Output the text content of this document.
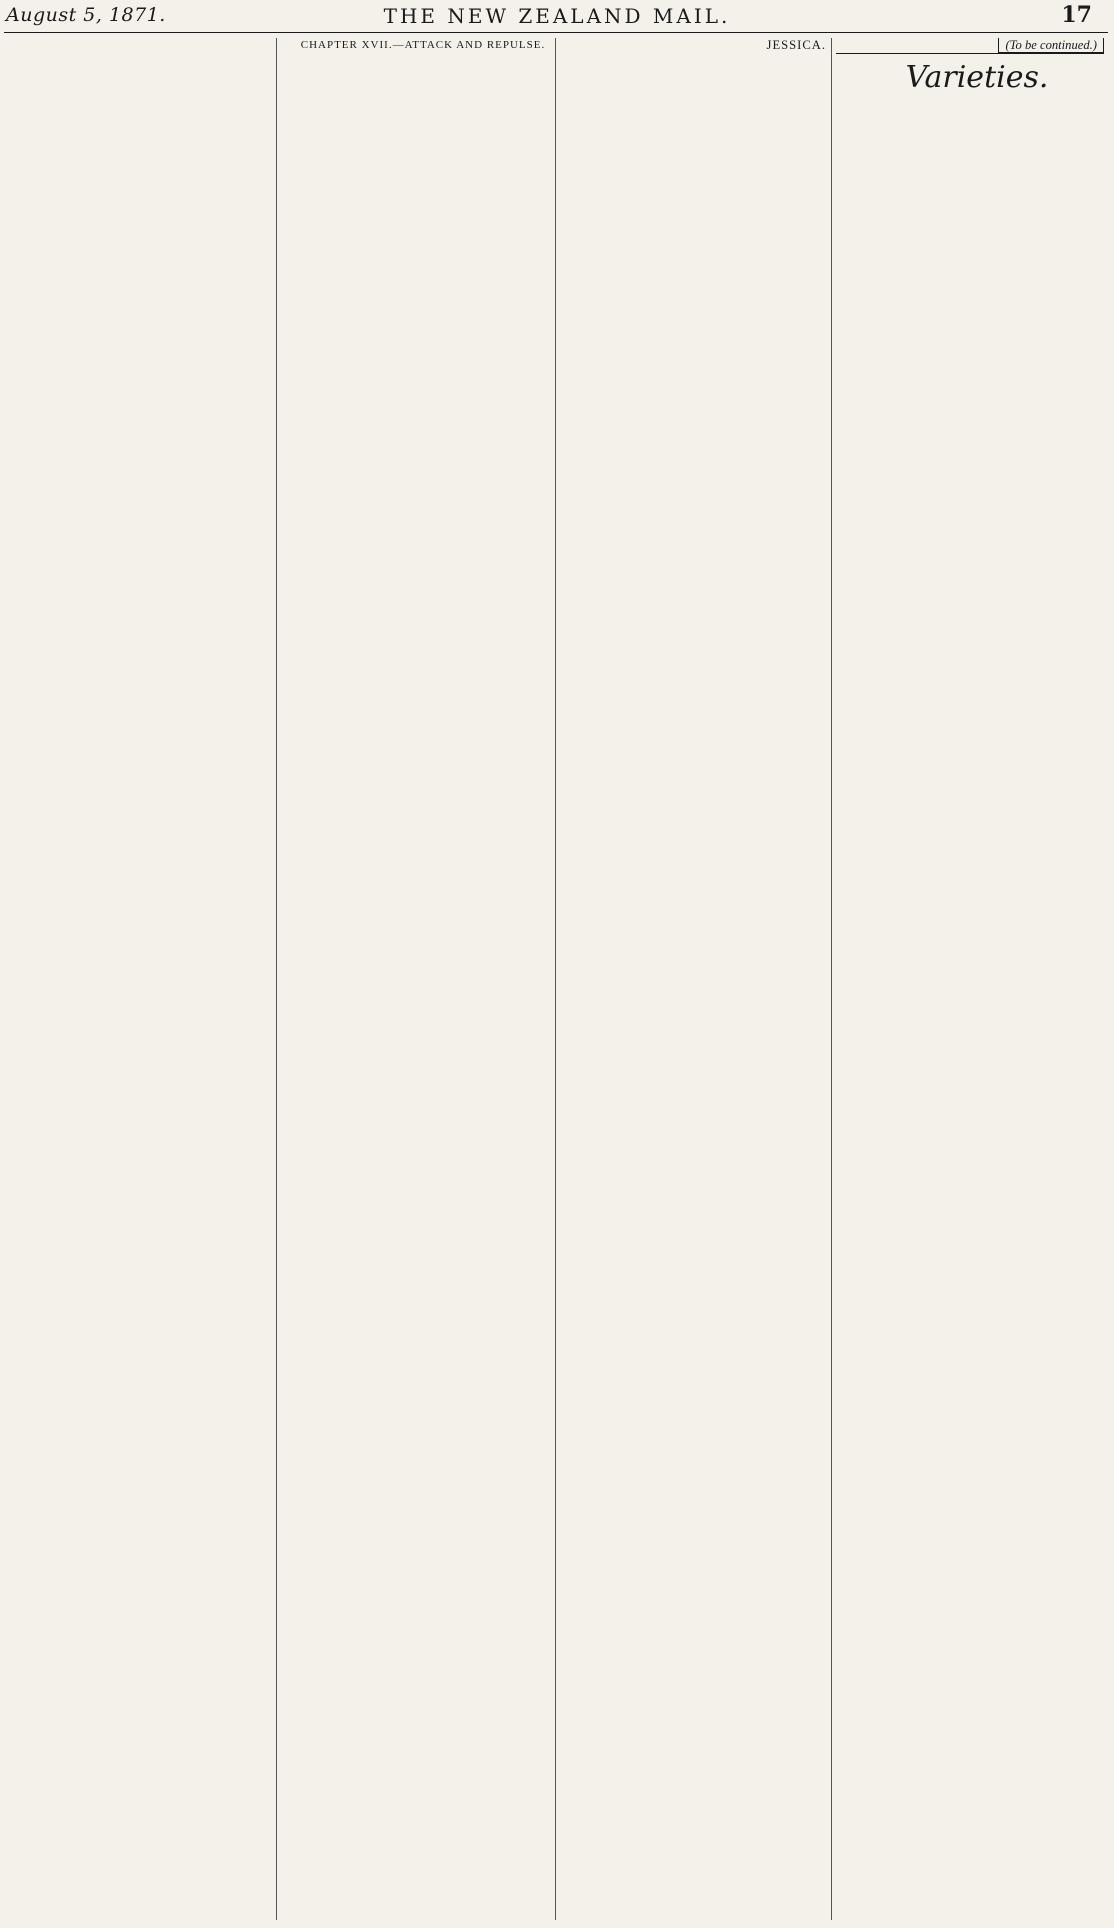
August 5, 1871.	THE NEW ZEALAND MAIL.	17

CHAPTER XVII.—ATTACK AND REPULSE.	JESSICA.	(To be continued.)

Varieties.
